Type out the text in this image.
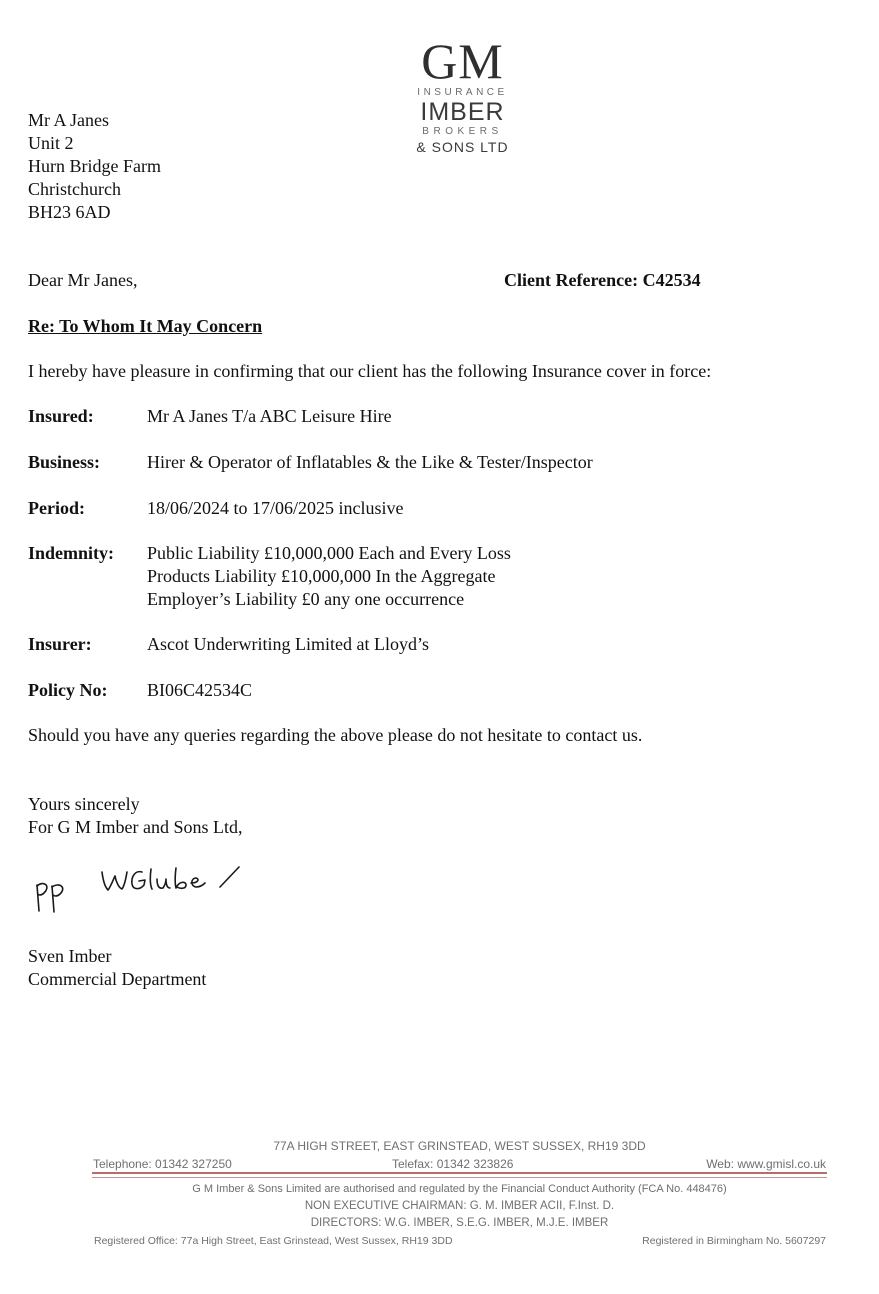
GM
INSURANCE
IMBER
BROKERS
& SONS LTD
Mr A Janes
Unit 2
Hurn Bridge Farm
Christchurch
BH23 6AD
Dear Mr Janes,	Client Reference: C42534
Re: To Whom It May Concern
I hereby have pleasure in confirming that our client has the following Insurance cover in force:
Insured:	Mr A Janes T/a ABC Leisure Hire
Business:	Hirer & Operator of Inflatables & the Like & Tester/Inspector
Period:	18/06/2024 to 17/06/2025 inclusive
Indemnity: Public Liability £10,000,000 Each and Every Loss
Products Liability £10,000,000 In the Aggregate
Employer’s Liability £0 any one occurrence
Insurer:	Ascot Underwriting Limited at Lloyd’s
Policy No: BI06C42534C
Should you have any queries regarding the above please do not hesitate to contact us.
Yours sincerely
For G M Imber and Sons Ltd,
Sven Imber
Commercial Department
77A HIGH STREET, EAST GRINSTEAD, WEST SUSSEX, RH19 3DD
Telephone: 01342 327250	Telefax: 01342 323826	Web: www.gmisl.co.uk
G M Imber & Sons Limited are authorised and regulated by the Financial Conduct Authority (FCA No. 448476)
NON EXECUTIVE CHAIRMAN: G. M. IMBER ACII, F.Inst. D.
DIRECTORS: W.G. IMBER, S.E.G. IMBER, M.J.E. IMBER
Registered Office: 77a High Street, East Grinstead, West Sussex, RH19 3DD	Registered in Birmingham No. 5607297
